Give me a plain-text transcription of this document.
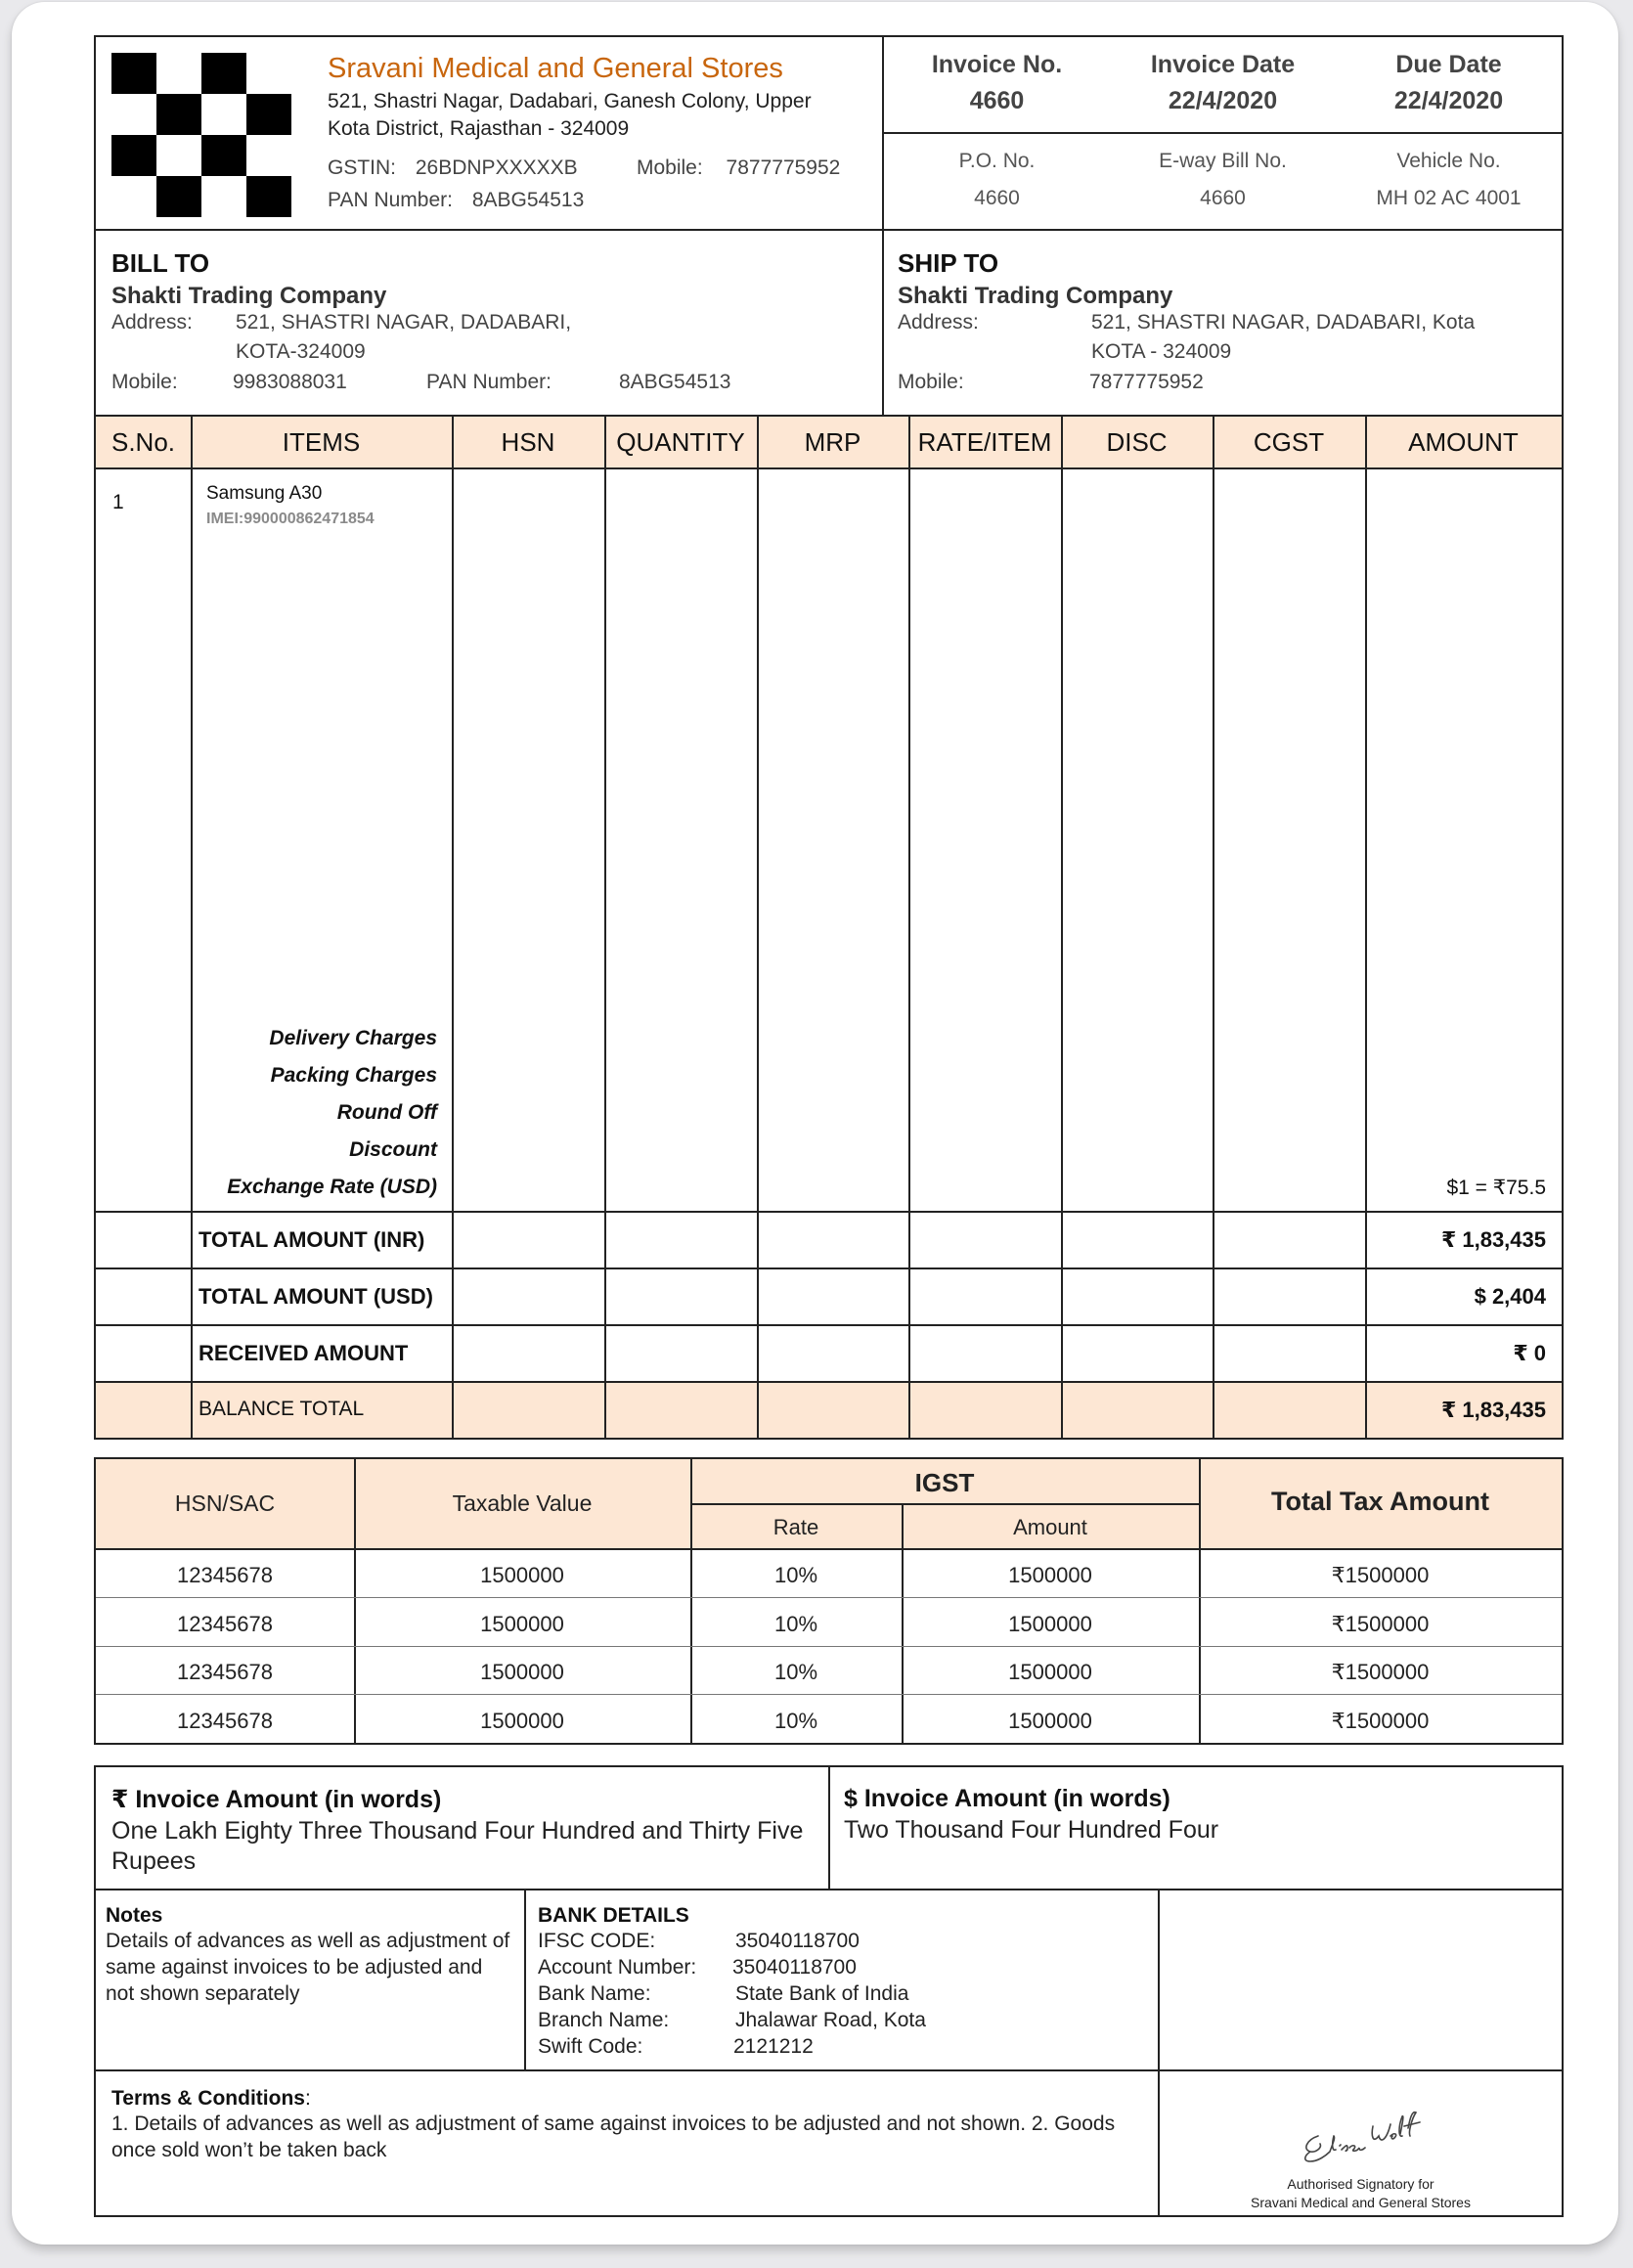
Sravani Medical and General Stores
521, Shastri Nagar, Dadabari, Ganesh Colony, Upper
Kota District, Rajasthan - 324009
GSTIN: 26BDNPXXXXXB	Mobile: 7877775952
PAN Number: 8ABG54513
Invoice No.
4660
Invoice Date
22/4/2020
Due Date
22/4/2020
P.O. No.
4660
E-way Bill No.
4660
Vehicle No.
MH 02 AC 4001
BILL TO
Shakti Trading Company
Address: 521, SHASTRI NAGAR, DADABARI,
KOTA-324009
Mobile:	9983088031	PAN Number:	8ABG54513
SHIP TO
Shakti Trading Company
Address:	521, SHASTRI NAGAR, DADABARI, Kota
KOTA - 324009
Mobile:	7877775952
S.No.	ITEMS	HSN	QUANTITY	MRP	RATE/ITEM	DISC	CGST	AMOUNT
1	Samsung A30
IMEI:990000862471854
Delivery Charges
Packing Charges
Round Off
Discount
Exchange Rate (USD)	$1 = ₹75.5
TOTAL AMOUNT (INR)	₹ 1,83,435
TOTAL AMOUNT (USD)	$ 2,404
RECEIVED AMOUNT	₹ 0
BALANCE TOTAL	₹ 1,83,435
HSN/SAC	Taxable Value
IGST
Rate	Amount
Total Tax Amount
12345678	1500000	10%	1500000	₹1500000
12345678	1500000	10%	1500000	₹1500000
12345678	1500000	10%	1500000	₹1500000
12345678	1500000	10%	1500000	₹1500000
₹ Invoice Amount (in words)
One Lakh Eighty Three Thousand Four Hundred and Thirty Five Rupees
$ Invoice Amount (in words)
Two Thousand Four Hundred Four
Notes
Details of advances as well as adjustment of same against invoices to be adjusted and not shown separately
BANK DETAILS
IFSC CODE:	35040118700
Account Number: 35040118700
Bank Name:	State Bank of India
Branch Name:	Jhalawar Road, Kota
Swift Code:	2121212
Terms & Conditions:
1. Details of advances as well as adjustment of same against invoices to be adjusted and not shown. 2. Goods once sold won’t be taken back
Authorised Signatory for
Sravani Medical and General Stores
